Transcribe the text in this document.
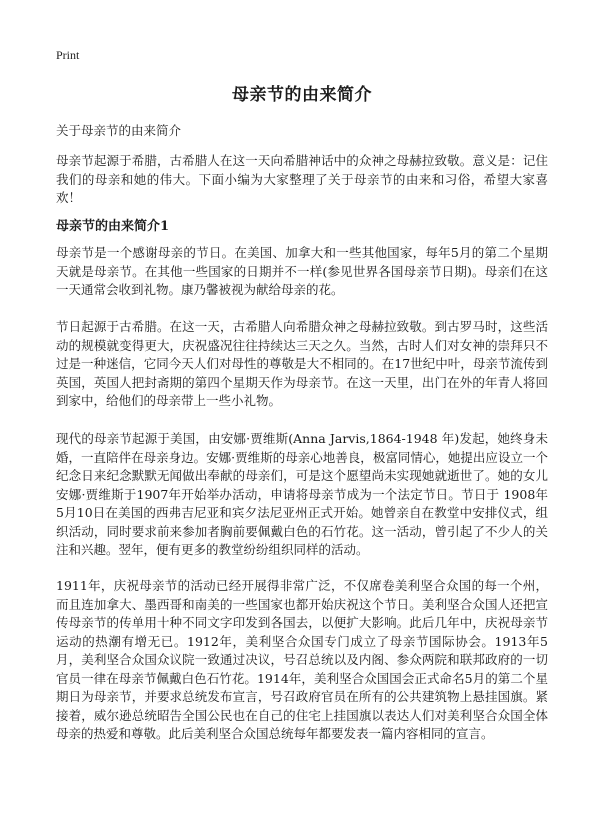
Print
母亲节的由来简介

关于母亲节的由来简介

母亲节起源于希腊，古希腊人在这一天向希腊神话中的众神之母赫拉致敬。意义是：记住我们的母亲和她的伟大。下面小编为大家整理了关于母亲节的由来和习俗，希望大家喜欢！

母亲节的由来简介1

母亲节是一个感谢母亲的节日。在美国、加拿大和一些其他国家，每年5月的第二个星期天就是母亲节。在其他一些国家的日期并不一样(参见世界各国母亲节日期)。母亲们在这一天通常会收到礼物。康乃馨被视为献给母亲的花。

节日起源于古希腊。在这一天，古希腊人向希腊众神之母赫拉致敬。到古罗马时，这些活动的规模就变得更大，庆祝盛况往往持续达三天之久。当然，古时人们对女神的崇拜只不过是一种迷信，它同今天人们对母性的尊敬是大不相同的。在17世纪中叶，母亲节流传到英国，英国人把封斋期的第四个星期天作为母亲节。在这一天里，出门在外的年青人将回到家中，给他们的母亲带上一些小礼物。

现代的母亲节起源于美国，由安娜·贾维斯(Anna Jarvis,1864-1948 年)发起，她终身未婚，一直陪伴在母亲身边。安娜·贾维斯的母亲心地善良，极富同情心，她提出应设立一个纪念日来纪念默默无闻做出奉献的母亲们，可是这个愿望尚未实现她就逝世了。她的女儿安娜·贾维斯于1907年开始举办活动，申请将母亲节成为一个法定节日。节日于 1908年5月10日在美国的西弗吉尼亚和宾夕法尼亚州正式开始。她曾亲自在教堂中安排仪式，组织活动，同时要求前来参加者胸前要佩戴白色的石竹花。这一活动，曾引起了不少人的关注和兴趣。翌年，便有更多的教堂纷纷组织同样的活动。

1911年，庆祝母亲节的活动已经开展得非常广泛，不仅席卷美利坚合众国的每一个州，而且连加拿大、墨西哥和南美的一些国家也都开始庆祝这个节日。美利坚合众国人还把宣传母亲节的传单用十种不同文字印发到各国去，以便扩大影响。此后几年中，庆祝母亲节运动的热潮有增无已。1912年，美利坚合众国专门成立了母亲节国际协会。1913年5月，美利坚合众国众议院一致通过决议，号召总统以及内阁、参众两院和联邦政府的一切官员一律在母亲节佩戴白色石竹花。1914年，美利坚合众国国会正式命名5月的第二个星期日为母亲节，并要求总统发布宣言，号召政府官员在所有的公共建筑物上悬挂国旗。紧接着，威尔逊总统昭告全国公民也在自己的住宅上挂国旗以表达人们对美利坚合众国全体母亲的热爱和尊敬。此后美利坚合众国总统每年都要发表一篇内容相同的宣言。
